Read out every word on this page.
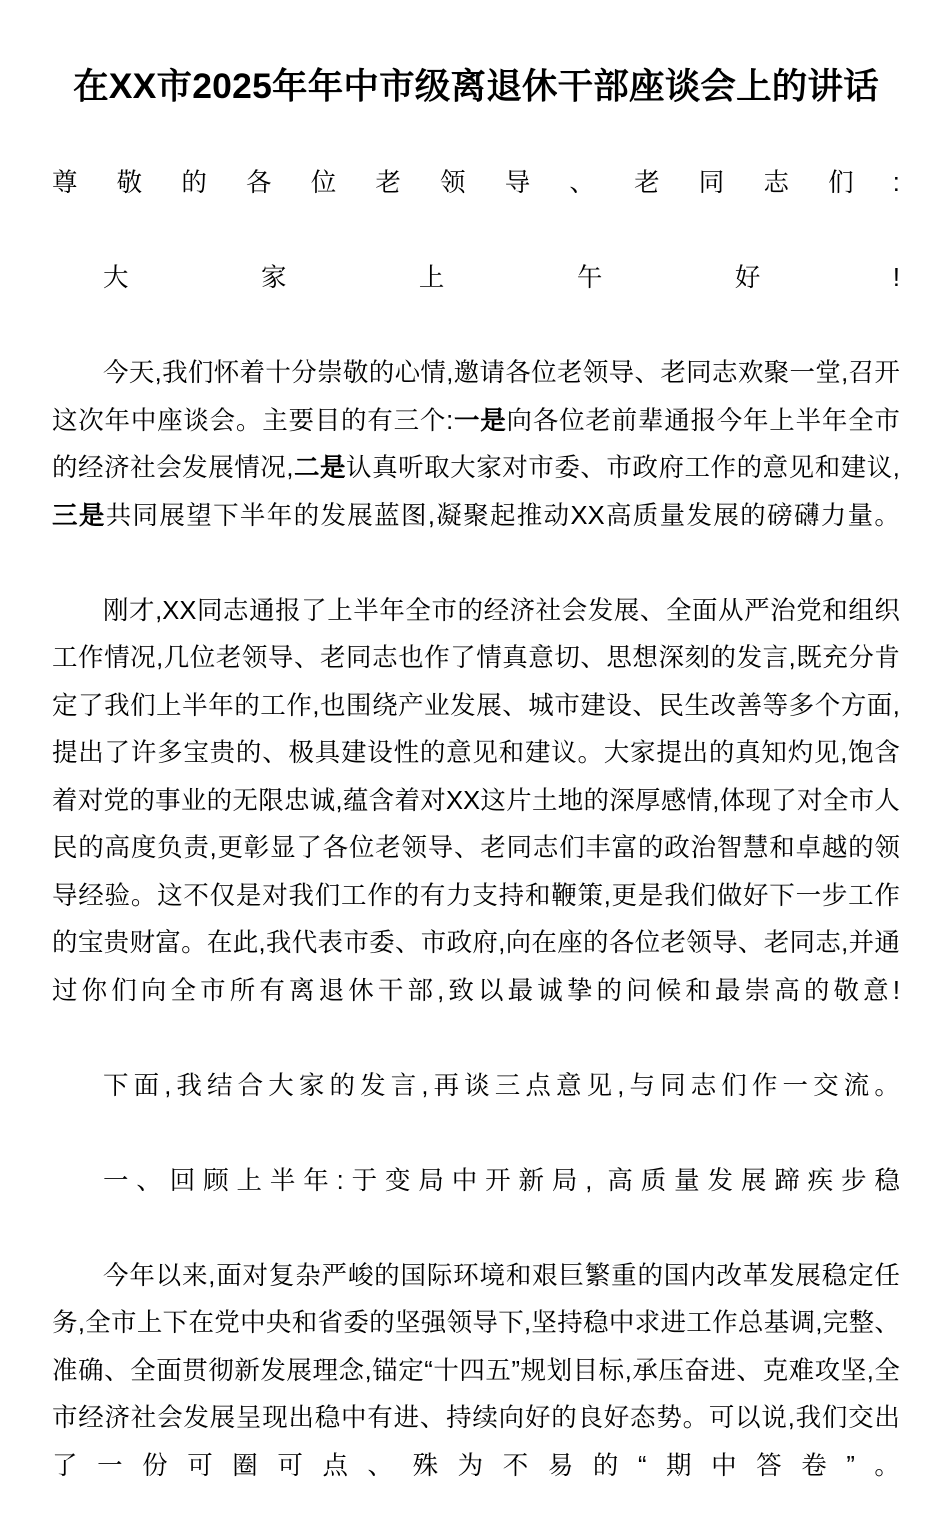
在XX市2025年年中市级离退休干部座谈会上的讲话

尊敬的各位老领导、老同志们:

大家上午好!

今天,我们怀着十分崇敬的心情,邀请各位老领导、老同志欢聚一堂,召开这次年中座谈会。主要目的有三个:一是向各位老前辈通报今年上半年全市的经济社会发展情况,二是认真听取大家对市委、市政府工作的意见和建议,三是共同展望下半年的发展蓝图,凝聚起推动XX高质量发展的磅礴力量。

刚才,XX同志通报了上半年全市的经济社会发展、全面从严治党和组织工作情况,几位老领导、老同志也作了情真意切、思想深刻的发言,既充分肯定了我们上半年的工作,也围绕产业发展、城市建设、民生改善等多个方面,提出了许多宝贵的、极具建设性的意见和建议。大家提出的真知灼见,饱含着对党的事业的无限忠诚,蕴含着对XX这片土地的深厚感情,体现了对全市人民的高度负责,更彰显了各位老领导、老同志们丰富的政治智慧和卓越的领导经验。这不仅是对我们工作的有力支持和鞭策,更是我们做好下一步工作的宝贵财富。在此,我代表市委、市政府,向在座的各位老领导、老同志,并通过你们向全市所有离退休干部,致以最诚挚的问候和最崇高的敬意!

下面,我结合大家的发言,再谈三点意见,与同志们作一交流。

一、回顾上半年:于变局中开新局, 高质量发展蹄疾步稳

今年以来,面对复杂严峻的国际环境和艰巨繁重的国内改革发展稳定任务,全市上下在党中央和省委的坚强领导下,坚持稳中求进工作总基调,完整、准确、全面贯彻新发展理念,锚定“十四五”规划目标,承压奋进、克难攻坚,全市经济社会发展呈现出稳中有进、持续向好的良好态势。可以说,我们交出了一份可圈可点、殊为不易的“期中答卷”。
